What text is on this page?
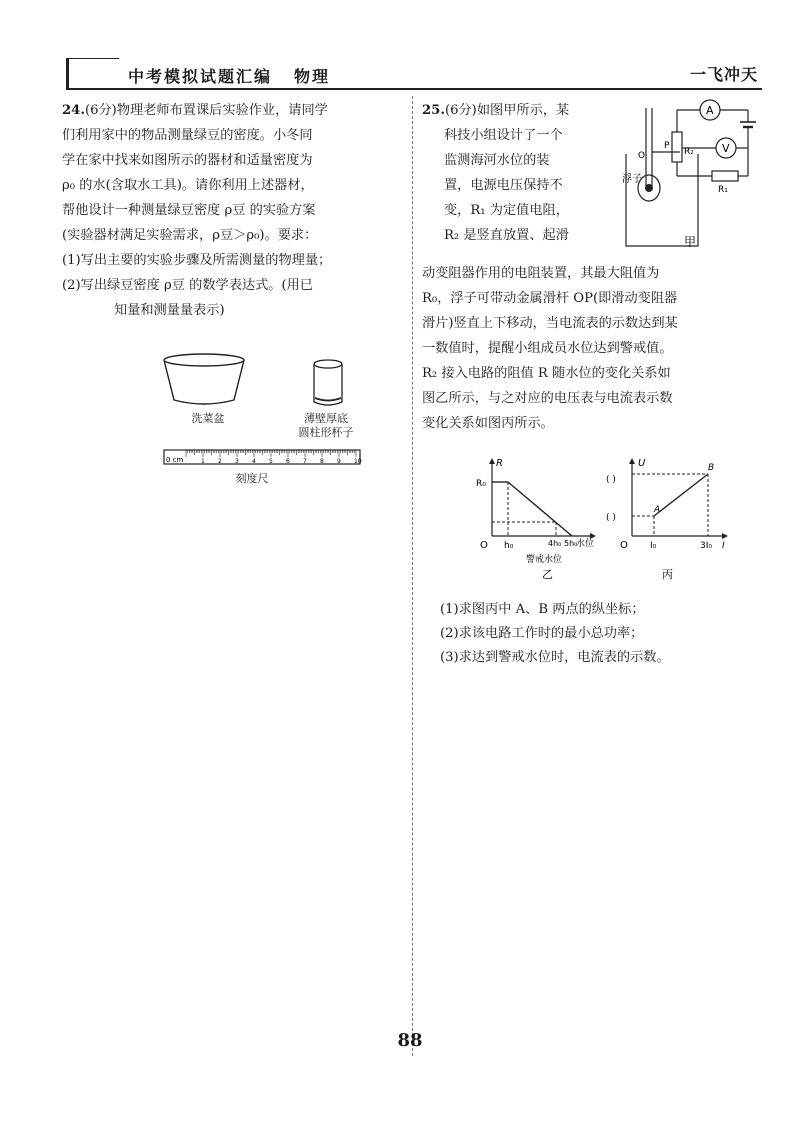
中考模拟试题汇编 物理	一飞冲天

24.(6分)物理老师布置课后实验作业，请同学

们利用家中的物品测量绿豆的密度。小冬同

学在家中找来如图所示的器材和适量密度为

ρ₀ 的水(含取水工具)。请你利用上述器材，

帮他设计一种测量绿豆密度 ρ豆 的实验方案

(实验器材满足实验需求，ρ豆＞ρ₀)。要求：

(1)写出主要的实验步骤及所需测量的物理量；

(2)写出绿豆密度 ρ豆 的数学表达式。(用已

知量和测量量表示)

0 cm	1 2 3 4 5 6 7 8 9 10
洗菜盆	薄壁厚底
圆柱形杯子
刻度尺

25.(6分)如图甲所示，某

科技小组设计了一个

监测海河水位的装

置，电源电压保持不

变，R₁ 为定值电阻，

R₂ 是竖直放置、起滑

A
V
R₁
R₂
O
P
浮子
甲

动变阻器作用的电阻装置，其最大阻值为

R₀，浮子可带动金属滑杆 OP(即滑动变阻器

滑片)竖直上下移动，当电流表的示数达到某

一数值时，提醒小组成员水位达到警戒值。

R₂ 接入电路的阻值 R 随水位的变化关系如

图乙所示，与之对应的电压表与电流表示数

变化关系如图丙所示。

R
R₀
O h₀	4h₀ 5h₀
水位
警戒水位
乙
U
( )
( )
A
B
O I₀	3I₀ I
丙

(1)求图丙中 A、B 两点的纵坐标；

(2)求该电路工作时的最小总功率；

(3)求达到警戒水位时，电流表的示数。

88
